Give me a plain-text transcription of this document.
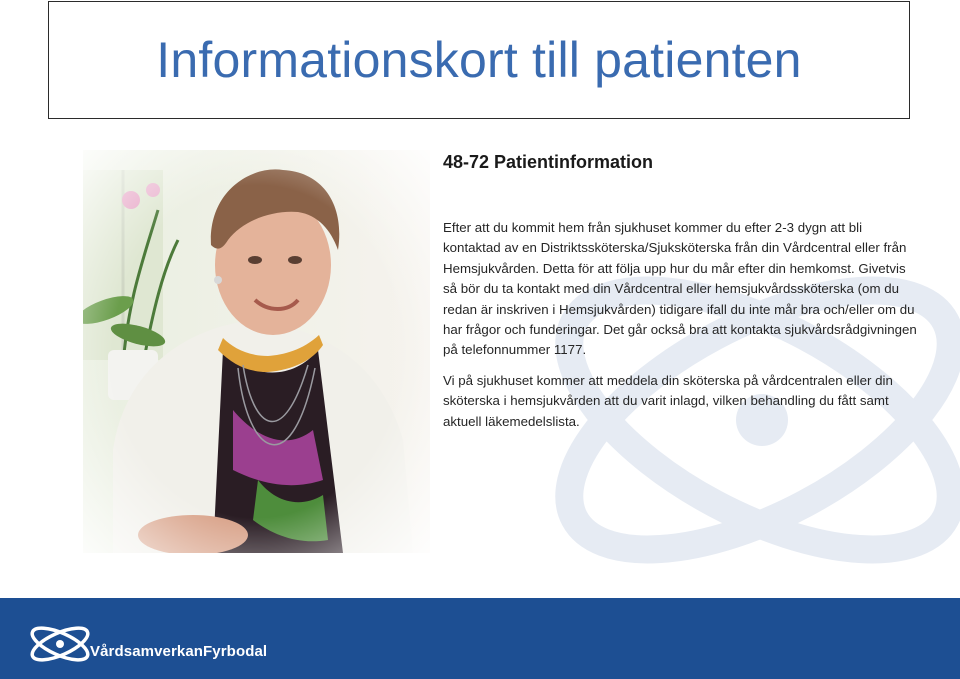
Informationskort till patienten
48-72 Patientinformation

Efter att du kommit hem från sjukhuset kommer du efter 2-3 dygn att bli kontaktad av en Distriktssköterska/Sjuksköterska från din Vårdcentral eller från Hemsjukvården. Detta för att följa upp hur du mår efter din hemkomst. Givetvis så bör du ta kontakt med din Vårdcentral eller hemsjukvårdssköterska (om du redan är inskriven i Hemsjukvården) tidigare ifall du inte mår bra och/eller om du har frågor och funderingar. Det går också bra att kontakta sjukvårdsrådgivningen på telefonnummer 1177.

Vi på sjukhuset kommer att meddela din sköterska på vårdcentralen eller din sköterska i hemsjukvården att du varit inlagd, vilken behandling du fått samt aktuell läkemedelslista.

VårdsamverkanFyrbodal
